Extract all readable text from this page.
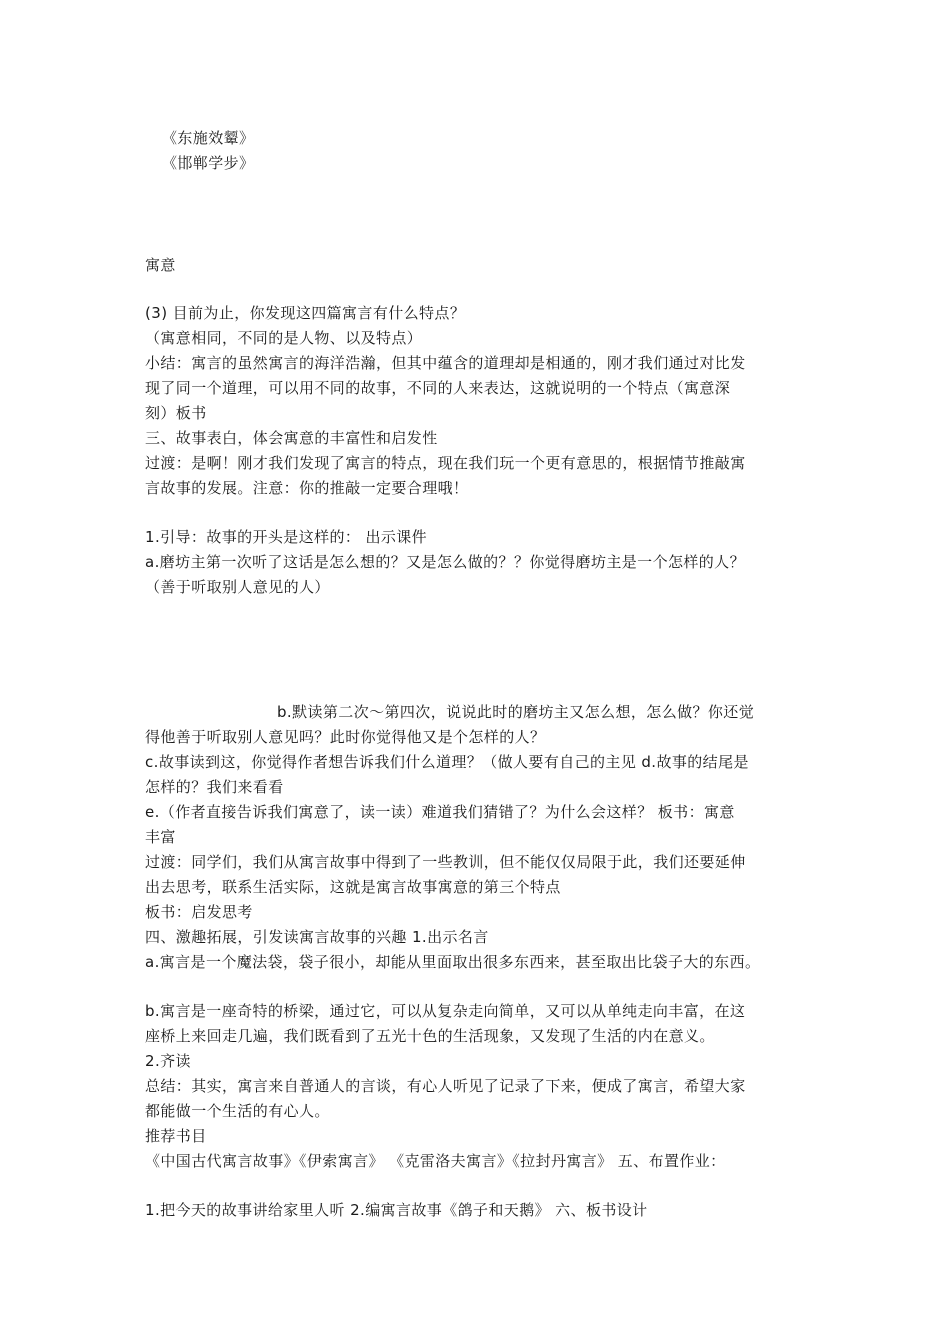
《东施效颦》
《邯郸学步》
寓意
(3) 目前为止，你发现这四篇寓言有什么特点？
（寓意相同，不同的是人物、以及特点）
小结：寓言的虽然寓言的海洋浩瀚，但其中蕴含的道理却是相通的，刚才我们通过对比发
现了同一个道理，可以用不同的故事，不同的人来表达，这就说明的一个特点（寓意深
刻）板书
三、故事表白，体会寓意的丰富性和启发性
过渡：是啊！刚才我们发现了寓言的特点，现在我们玩一个更有意思的，根据情节推敲寓
言故事的发展。注意：你的推敲一定要合理哦！
1.引导：故事的开头是这样的： 出示课件
a.磨坊主第一次听了这话是怎么想的？又是怎么做的？？你觉得磨坊主是一个怎样的人？
（善于听取别人意见的人）
b.默读第二次～第四次，说说此时的磨坊主又怎么想，怎么做？你还觉
得他善于听取别人意见吗？此时你觉得他又是个怎样的人？
c.故事读到这，你觉得作者想告诉我们什么道理？（做人要有自己的主见 d.故事的结尾是
怎样的？我们来看看
e.（作者直接告诉我们寓意了，读一读）难道我们猜错了？为什么会这样？ 板书：寓意
丰富
过渡：同学们，我们从寓言故事中得到了一些教训，但不能仅仅局限于此，我们还要延伸
出去思考，联系生活实际，这就是寓言故事寓意的第三个特点
板书：启发思考
四、激趣拓展，引发读寓言故事的兴趣 1.出示名言
a.寓言是一个魔法袋，袋子很小，却能从里面取出很多东西来，甚至取出比袋子大的东西。
b.寓言是一座奇特的桥梁，通过它，可以从复杂走向简单，又可以从单纯走向丰富，在这
座桥上来回走几遍，我们既看到了五光十色的生活现象，又发现了生活的内在意义。
2.齐读
总结：其实，寓言来自普通人的言谈，有心人听见了记录了下来，便成了寓言，希望大家
都能做一个生活的有心人。
推荐书目
《中国古代寓言故事》《伊索寓言》 《克雷洛夫寓言》《拉封丹寓言》 五、布置作业：
1.把今天的故事讲给家里人听 2.编寓言故事《鸽子和天鹅》 六、板书设计
